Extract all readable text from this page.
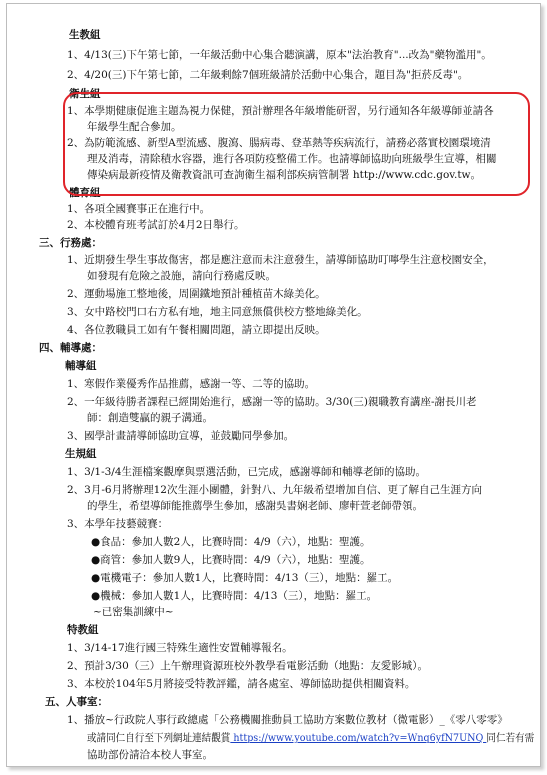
生教組
1、4/13(三)下午第七節，一年級活動中心集合聽演講，原本"法治教育"...改為"藥物濫用"。
2、4/20(三)下午第七節，二年級剩餘7個班級請於活動中心集合，題目為"拒菸反毒"。
衛生組
1、本學期健康促進主題為視力保健，預計辦理各年級增能研習，另行通知各年級導師並請各
年級學生配合參加。
2、為防範流感、新型A型流感、腹瀉、腸病毒、登革熱等疾病流行，請務必落實校園環境清
理及消毒，清除積水容器，進行各項防疫整備工作。也請導師協助向班級學生宣導，相關
傳染病最新疫情及衛教資訊可查詢衛生福利部疾病管制署 http://www.cdc.gov.tw。
體育組
1、各項全國賽事正在進行中。
2、本校體育班考試訂於4月2日舉行。
三、行務處：
1、近期發生學生事故傷害，都是應注意而未注意發生，請導師協助叮嚀學生注意校園安全，
如發現有危險之設施，請向行務處反映。
2、運動場施工整地後，周圍鐵地預計種植苗木綠美化。
3、女中路校門口右方私有地，地主同意無償供校方整地綠美化。
4、各位教職員工如有午餐相關問題，請立即提出反映。
四、輔導處：
輔導組
1、寒假作業優秀作品推薦，感謝一等、二等的協助。
2、一年級待勝者課程已經開始進行，感謝一等的協助。3/30(三)親職教育講座-謝長川老
師：創造雙贏的親子溝通。
3、國學計畫請導師協助宣導，並鼓勵同學參加。
生規組
1、3/1-3/4生涯檔案觀摩與票選活動，已完成，感謝導師和輔導老師的協助。
2、3月-6月將辦理12次生涯小團體，針對八、九年級希望增加自信、更了解自己生涯方向
的學生，希望導師能推薦學生參加，感謝吳書娴老師、廖軒萱老師帶領。
3、本學年技藝競賽：
●食品：參加人數2人，比賽時間：4/9（六），地點：聖護。
●商管：參加人數9人，比賽時間：4/9（六），地點：聖護。
●電機電子：參加人數1人，比賽時間：4/13（三），地點：羅工。
●機械：參加人數1人，比賽時間：4/13（三），地點：羅工。
~已密集訓練中~
特教組
1、3/14-17進行國三特殊生適性安置輔導報名。
2、預計3/30（三）上午辦理資源班校外教學看電影活動（地點：友愛影城）。
3、本校於104年5月將接受特教評鑑，請各處室、導師協助提供相關資料。
五、人事室：
1、播放~行政院人事行政總處「公務機關推動員工協助方案數位教材（微電影）_《零八零零》
或請同仁自行至下列網址連結觀賞 https://www.youtube.com/watch?v=Wnq6yfN7UNQ 同仁若有需
協助部份請洽本校人事室。
